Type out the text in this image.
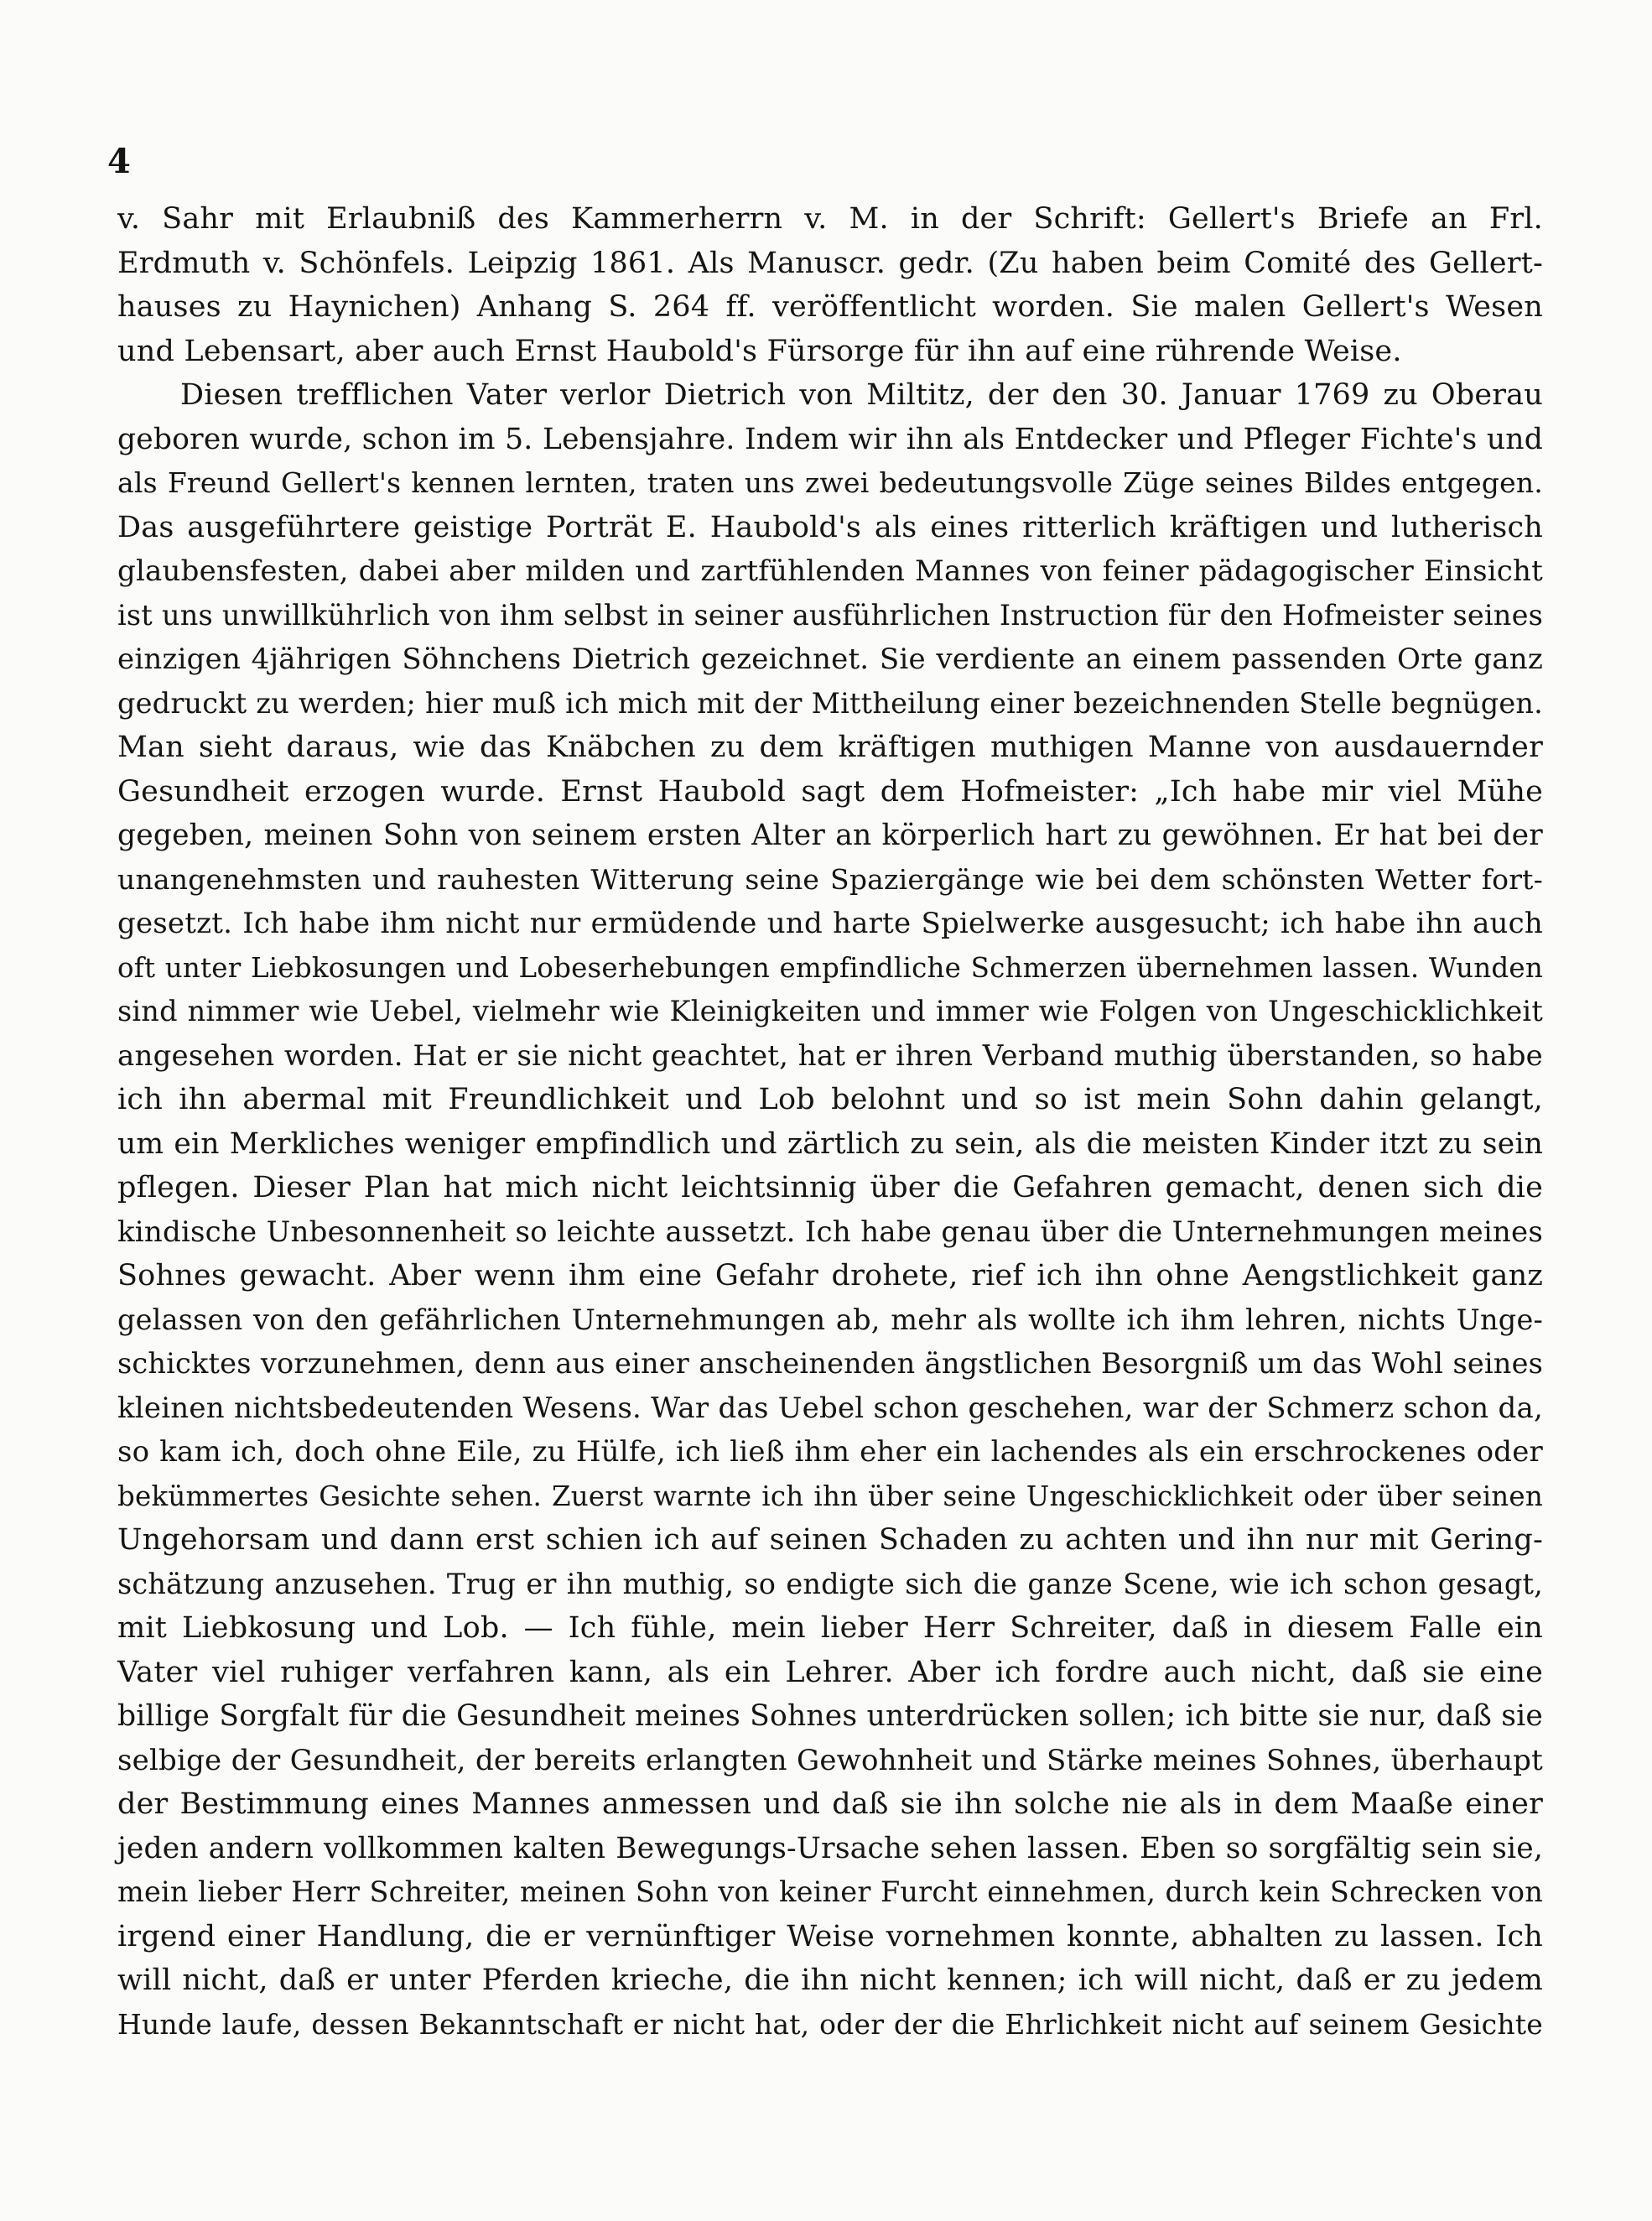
4
v. Sahr mit Erlaubniß des Kammerherrn v. M. in der Schrift: Gellert's Briefe an Frl.
Erdmuth v. Schönfels. Leipzig 1861. Als Manuscr. gedr. (Zu haben beim Comité des Gellert-
hauses zu Haynichen) Anhang S. 264 ff. veröffentlicht worden. Sie malen Gellert's Wesen
und Lebensart, aber auch Ernst Haubold's Fürsorge für ihn auf eine rührende Weise.
Diesen trefflichen Vater verlor Dietrich von Miltitz, der den 30. Januar 1769 zu Oberau
geboren wurde, schon im 5. Lebensjahre. Indem wir ihn als Entdecker und Pfleger Fichte's und
als Freund Gellert's kennen lernten, traten uns zwei bedeutungsvolle Züge seines Bildes entgegen.
Das ausgeführtere geistige Porträt E. Haubold's als eines ritterlich kräftigen und lutherisch
glaubensfesten, dabei aber milden und zartfühlenden Mannes von feiner pädagogischer Einsicht
ist uns unwillkührlich von ihm selbst in seiner ausführlichen Instruction für den Hofmeister seines
einzigen 4jährigen Söhnchens Dietrich gezeichnet. Sie verdiente an einem passenden Orte ganz
gedruckt zu werden; hier muß ich mich mit der Mittheilung einer bezeichnenden Stelle begnügen.
Man sieht daraus, wie das Knäbchen zu dem kräftigen muthigen Manne von ausdauernder
Gesundheit erzogen wurde. Ernst Haubold sagt dem Hofmeister: „Ich habe mir viel Mühe
gegeben, meinen Sohn von seinem ersten Alter an körperlich hart zu gewöhnen. Er hat bei der
unangenehmsten und rauhesten Witterung seine Spaziergänge wie bei dem schönsten Wetter fort-
gesetzt. Ich habe ihm nicht nur ermüdende und harte Spielwerke ausgesucht; ich habe ihn auch
oft unter Liebkosungen und Lobeserhebungen empfindliche Schmerzen übernehmen lassen. Wunden
sind nimmer wie Uebel, vielmehr wie Kleinigkeiten und immer wie Folgen von Ungeschicklichkeit
angesehen worden. Hat er sie nicht geachtet, hat er ihren Verband muthig überstanden, so habe
ich ihn abermal mit Freundlichkeit und Lob belohnt und so ist mein Sohn dahin gelangt,
um ein Merkliches weniger empfindlich und zärtlich zu sein, als die meisten Kinder itzt zu sein
pflegen. Dieser Plan hat mich nicht leichtsinnig über die Gefahren gemacht, denen sich die
kindische Unbesonnenheit so leichte aussetzt. Ich habe genau über die Unternehmungen meines
Sohnes gewacht. Aber wenn ihm eine Gefahr drohete, rief ich ihn ohne Aengstlichkeit ganz
gelassen von den gefährlichen Unternehmungen ab, mehr als wollte ich ihm lehren, nichts Unge-
schicktes vorzunehmen, denn aus einer anscheinenden ängstlichen Besorgniß um das Wohl seines
kleinen nichtsbedeutenden Wesens. War das Uebel schon geschehen, war der Schmerz schon da,
so kam ich, doch ohne Eile, zu Hülfe, ich ließ ihm eher ein lachendes als ein erschrockenes oder
bekümmertes Gesichte sehen. Zuerst warnte ich ihn über seine Ungeschicklichkeit oder über seinen
Ungehorsam und dann erst schien ich auf seinen Schaden zu achten und ihn nur mit Gering-
schätzung anzusehen. Trug er ihn muthig, so endigte sich die ganze Scene, wie ich schon gesagt,
mit Liebkosung und Lob. — Ich fühle, mein lieber Herr Schreiter, daß in diesem Falle ein
Vater viel ruhiger verfahren kann, als ein Lehrer. Aber ich fordre auch nicht, daß sie eine
billige Sorgfalt für die Gesundheit meines Sohnes unterdrücken sollen; ich bitte sie nur, daß sie
selbige der Gesundheit, der bereits erlangten Gewohnheit und Stärke meines Sohnes, überhaupt
der Bestimmung eines Mannes anmessen und daß sie ihn solche nie als in dem Maaße einer
jeden andern vollkommen kalten Bewegungs-Ursache sehen lassen. Eben so sorgfältig sein sie,
mein lieber Herr Schreiter, meinen Sohn von keiner Furcht einnehmen, durch kein Schrecken von
irgend einer Handlung, die er vernünftiger Weise vornehmen konnte, abhalten zu lassen. Ich
will nicht, daß er unter Pferden krieche, die ihn nicht kennen; ich will nicht, daß er zu jedem
Hunde laufe, dessen Bekanntschaft er nicht hat, oder der die Ehrlichkeit nicht auf seinem Gesichte
